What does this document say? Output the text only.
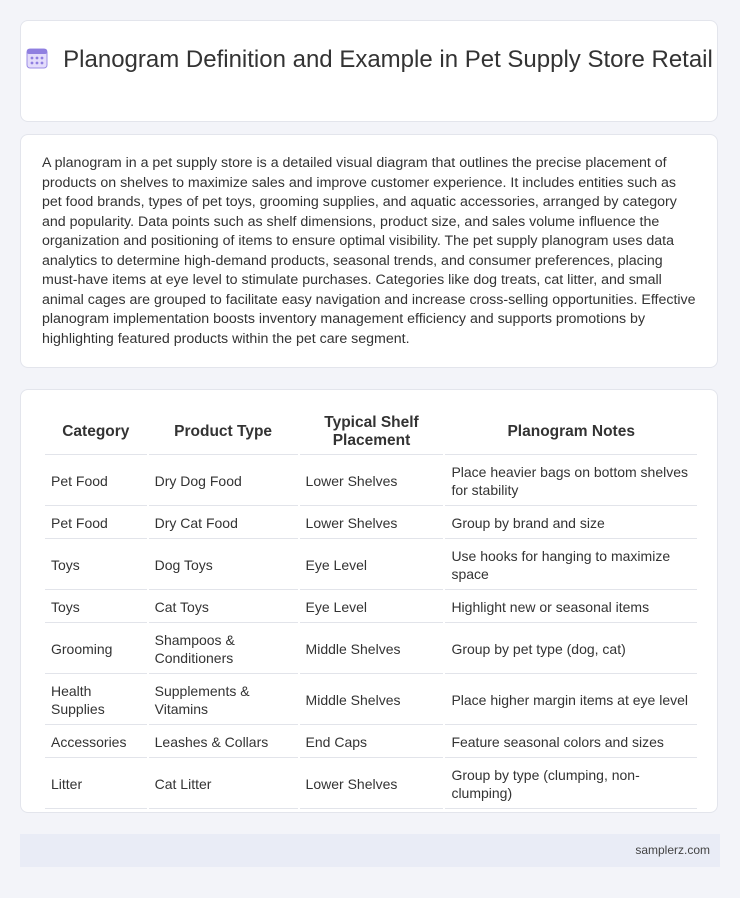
Planogram Definition and Example in Pet Supply Store Retail

A planogram in a pet supply store is a detailed visual diagram that outlines the precise placement of products on shelves to maximize sales and improve customer experience. It includes entities such as pet food brands, types of pet toys, grooming supplies, and aquatic accessories, arranged by category and popularity. Data points such as shelf dimensions, product size, and sales volume influence the organization and positioning of items to ensure optimal visibility. The pet supply planogram uses data analytics to determine high-demand products, seasonal trends, and consumer preferences, placing must-have items at eye level to stimulate purchases. Categories like dog treats, cat litter, and small animal cages are grouped to facilitate easy navigation and increase cross-selling opportunities. Effective planogram implementation boosts inventory management efficiency and supports promotions by highlighting featured products within the pet care segment.

Category	Product Type	Typical Shelf Placement	Planogram Notes
Pet Food	Dry Dog Food	Lower Shelves	Place heavier bags on bottom shelves for stability
Pet Food	Dry Cat Food	Lower Shelves	Group by brand and size
Toys	Dog Toys	Eye Level	Use hooks for hanging to maximize space
Toys	Cat Toys	Eye Level	Highlight new or seasonal items
Grooming	Shampoos & Conditioners	Middle Shelves	Group by pet type (dog, cat)
Health Supplies	Supplements & Vitamins	Middle Shelves	Place higher margin items at eye level
Accessories	Leashes & Collars	End Caps	Feature seasonal colors and sizes
Litter	Cat Litter	Lower Shelves	Group by type (clumping, non-clumping)
samplerz.com
